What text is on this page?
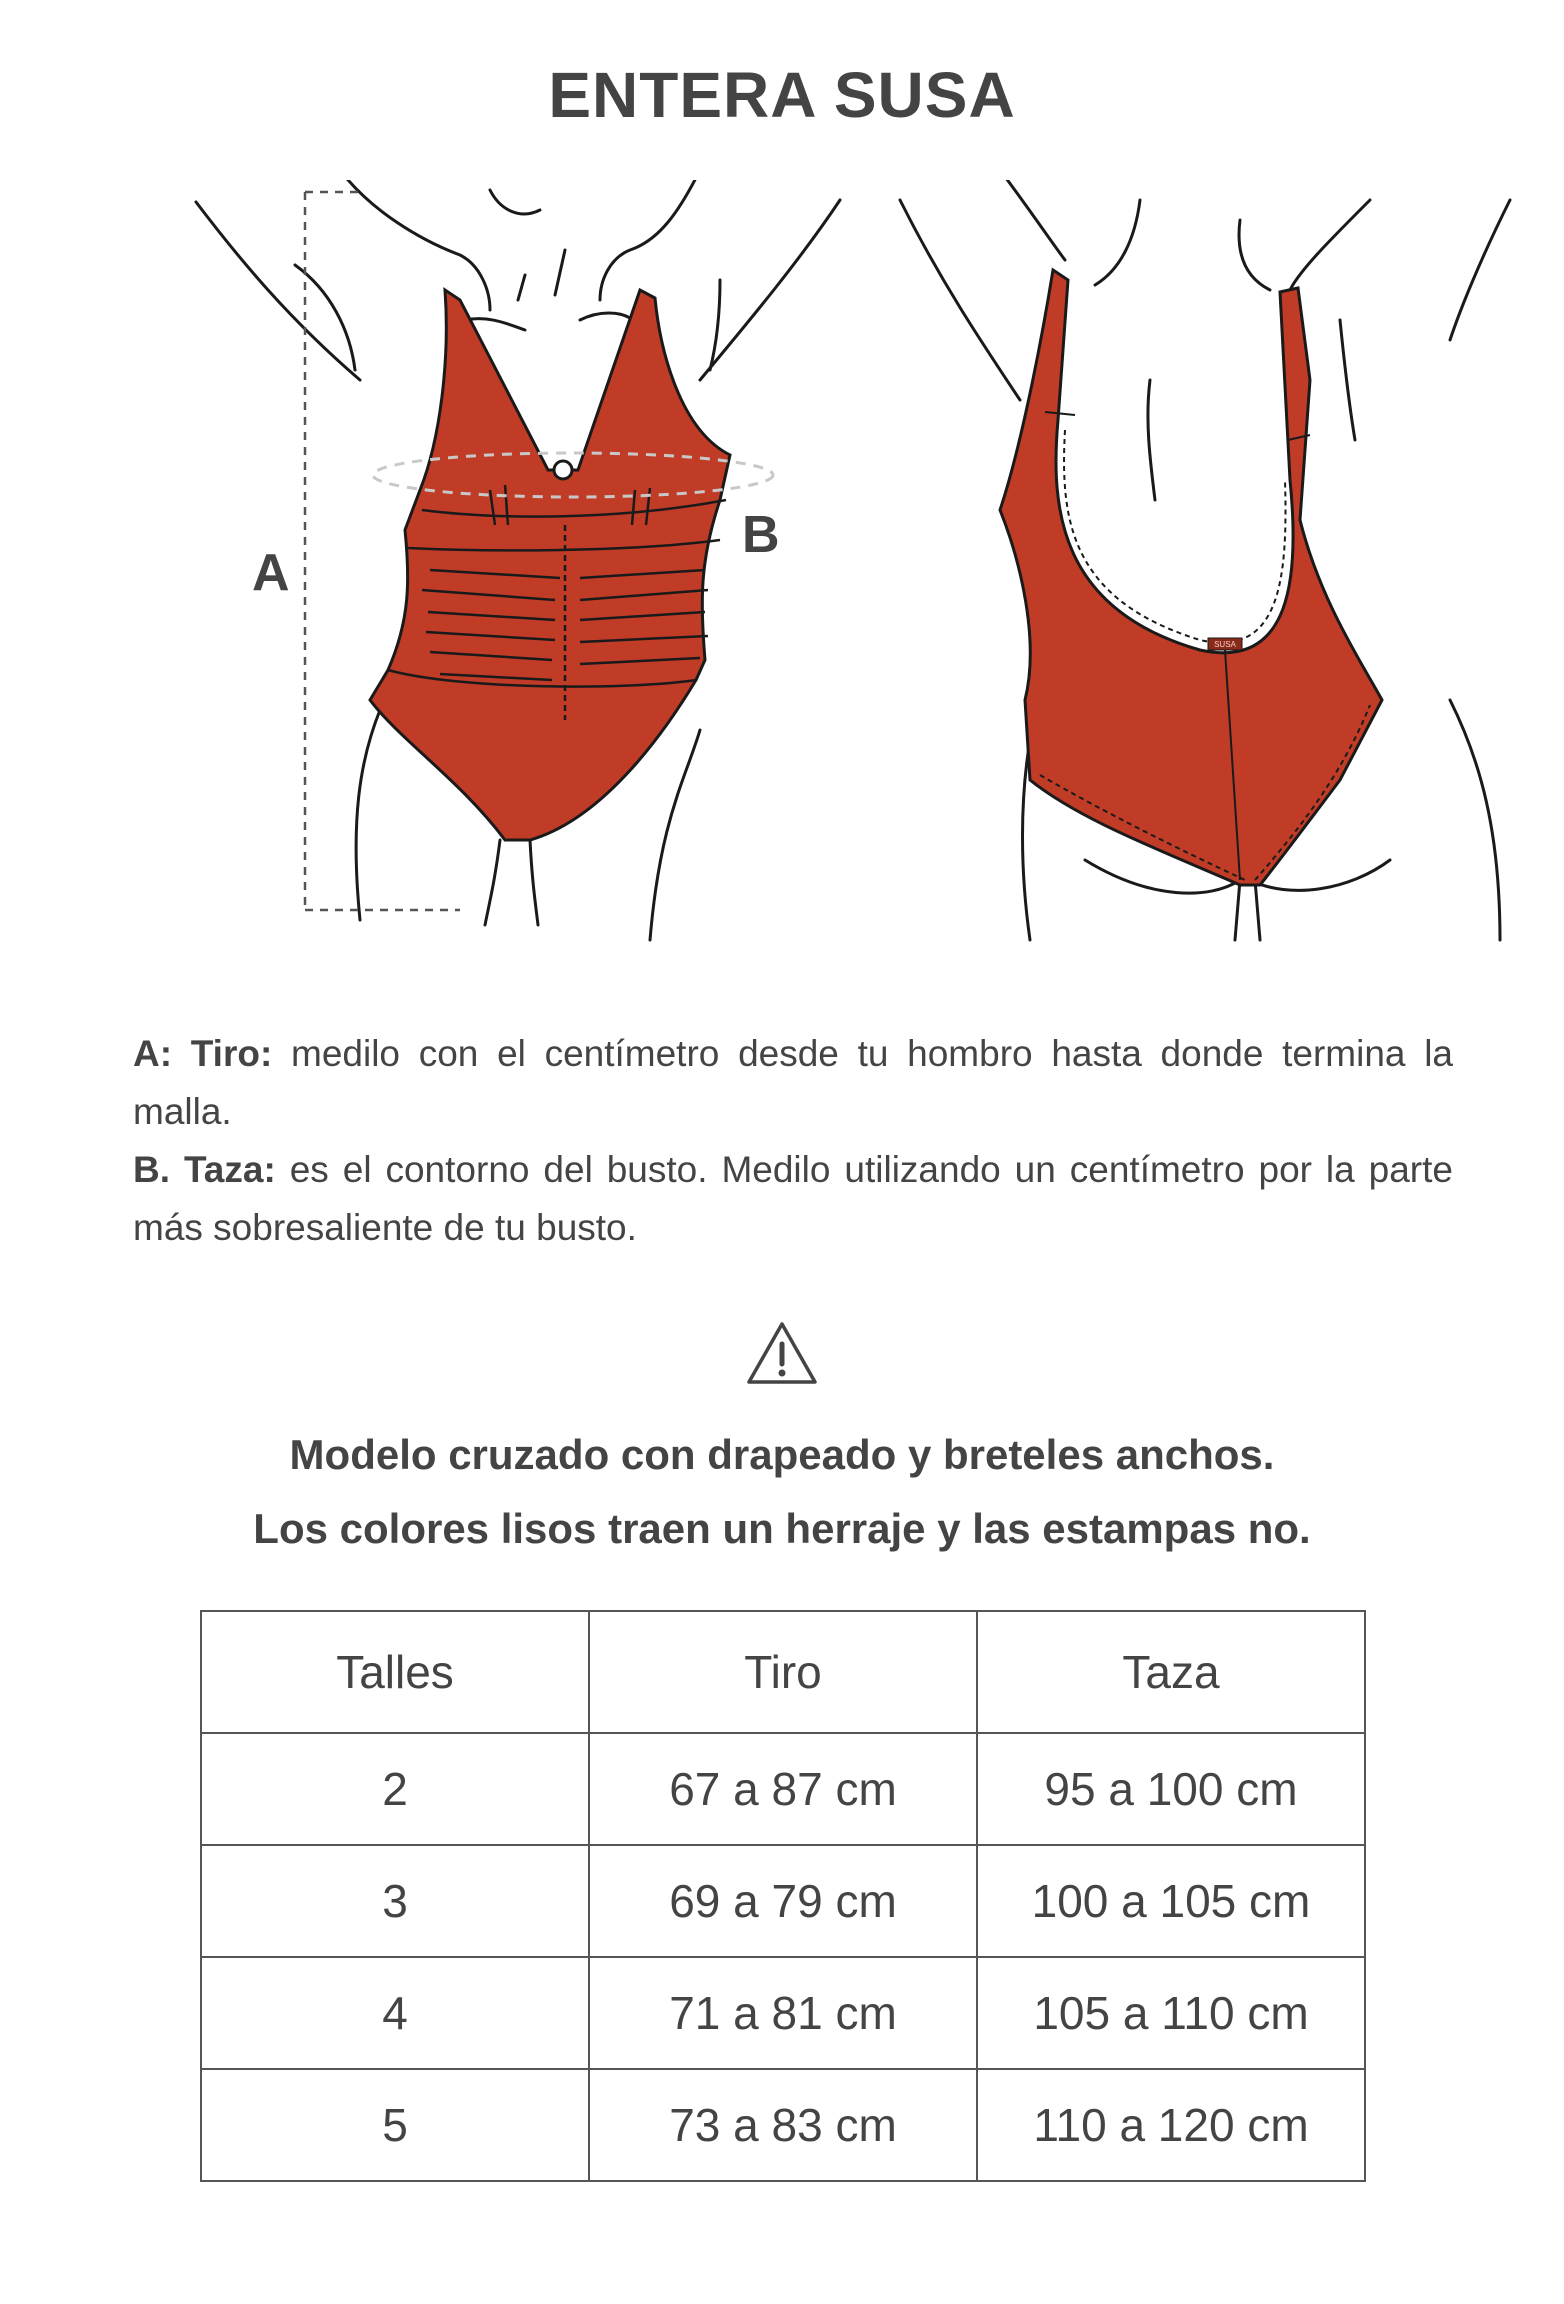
ENTERA SUSA
A
B
SUSA

A: Tiro: medilo con el centímetro desde tu hombro hasta donde termina la malla.

B. Taza: es el contorno del busto. Medilo utilizando un centímetro por la parte más sobresaliente de tu busto.

Modelo cruzado con drapeado y breteles anchos.
Los colores lisos traen un herraje y las estampas no.
Talles	Tiro	Taza
2	67 a 87 cm	95 a 100 cm
3	69 a 79 cm	100 a 105 cm
4	71 a 81 cm	105 a 110 cm
5	73 a 83 cm	110 a 120 cm
